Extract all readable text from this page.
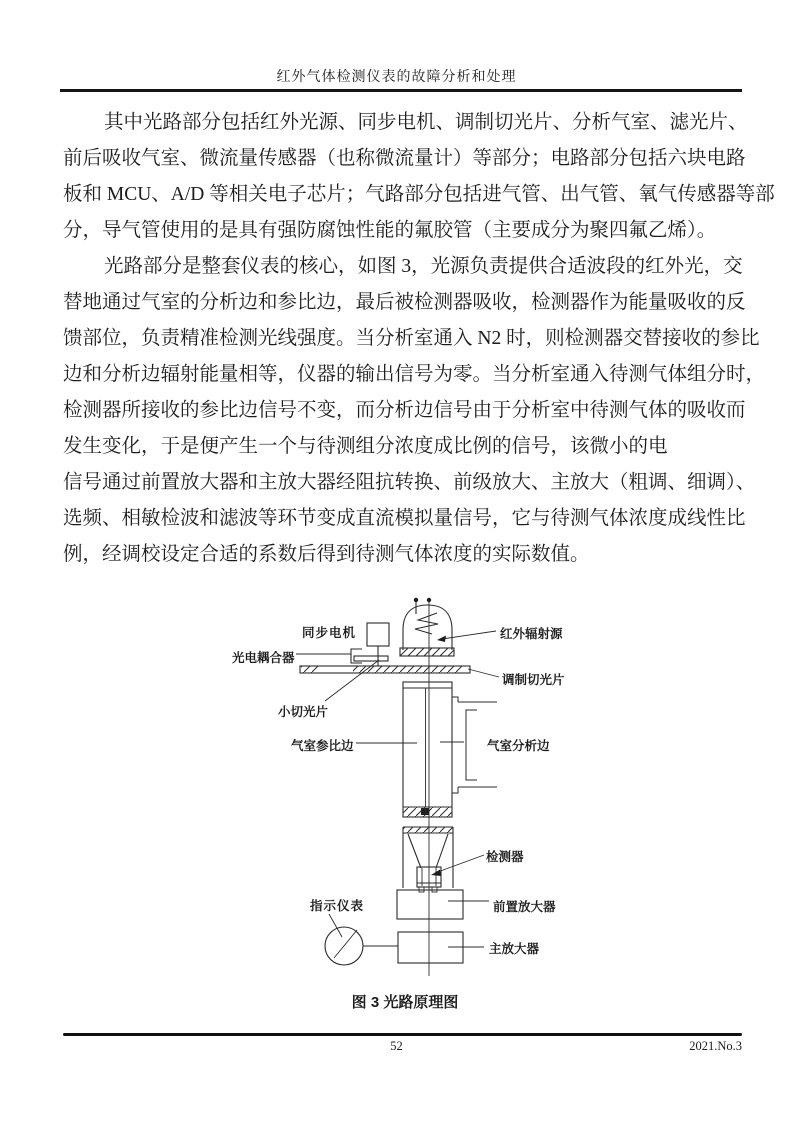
红外气体检测仪表的故障分析和处理
其中光路部分包括红外光源、同步电机、调制切光片、分析气室、滤光片、
前后吸收气室、微流量传感器（也称微流量计）等部分；电路部分包括六块电路
板和 MCU、A/D 等相关电子芯片；气路部分包括进气管、出气管、氧气传感器等部
分，导气管使用的是具有强防腐蚀性能的氟胶管（主要成分为聚四氟乙烯）。
光路部分是整套仪表的核心，如图 3，光源负责提供合适波段的红外光，交
替地通过气室的分析边和参比边，最后被检测器吸收，检测器作为能量吸收的反
馈部位，负责精准检测光线强度。当分析室通入 N2 时，则检测器交替接收的参比
边和分析边辐射能量相等，仪器的输出信号为零。当分析室通入待测气体组分时，
检测器所接收的参比边信号不变，而分析边信号由于分析室中待测气体的吸收而
发生变化，于是便产生一个与待测组分浓度成比例的信号，该微小的电
信号通过前置放大器和主放大器经阻抗转换、前级放大、主放大（粗调、细调）、
选频、相敏检波和滤波等环节变成直流模拟量信号，它与待测气体浓度成线性比
例，经调校设定合适的系数后得到待测气体浓度的实际数值。
同步电机
光电耦合器
红外辐射源
调制切光片
小切光片
气室参比边	气室分析边
检测器
指示仪表	前置放大器
主放大器
图 3 光路原理图
52	2021.No.3
